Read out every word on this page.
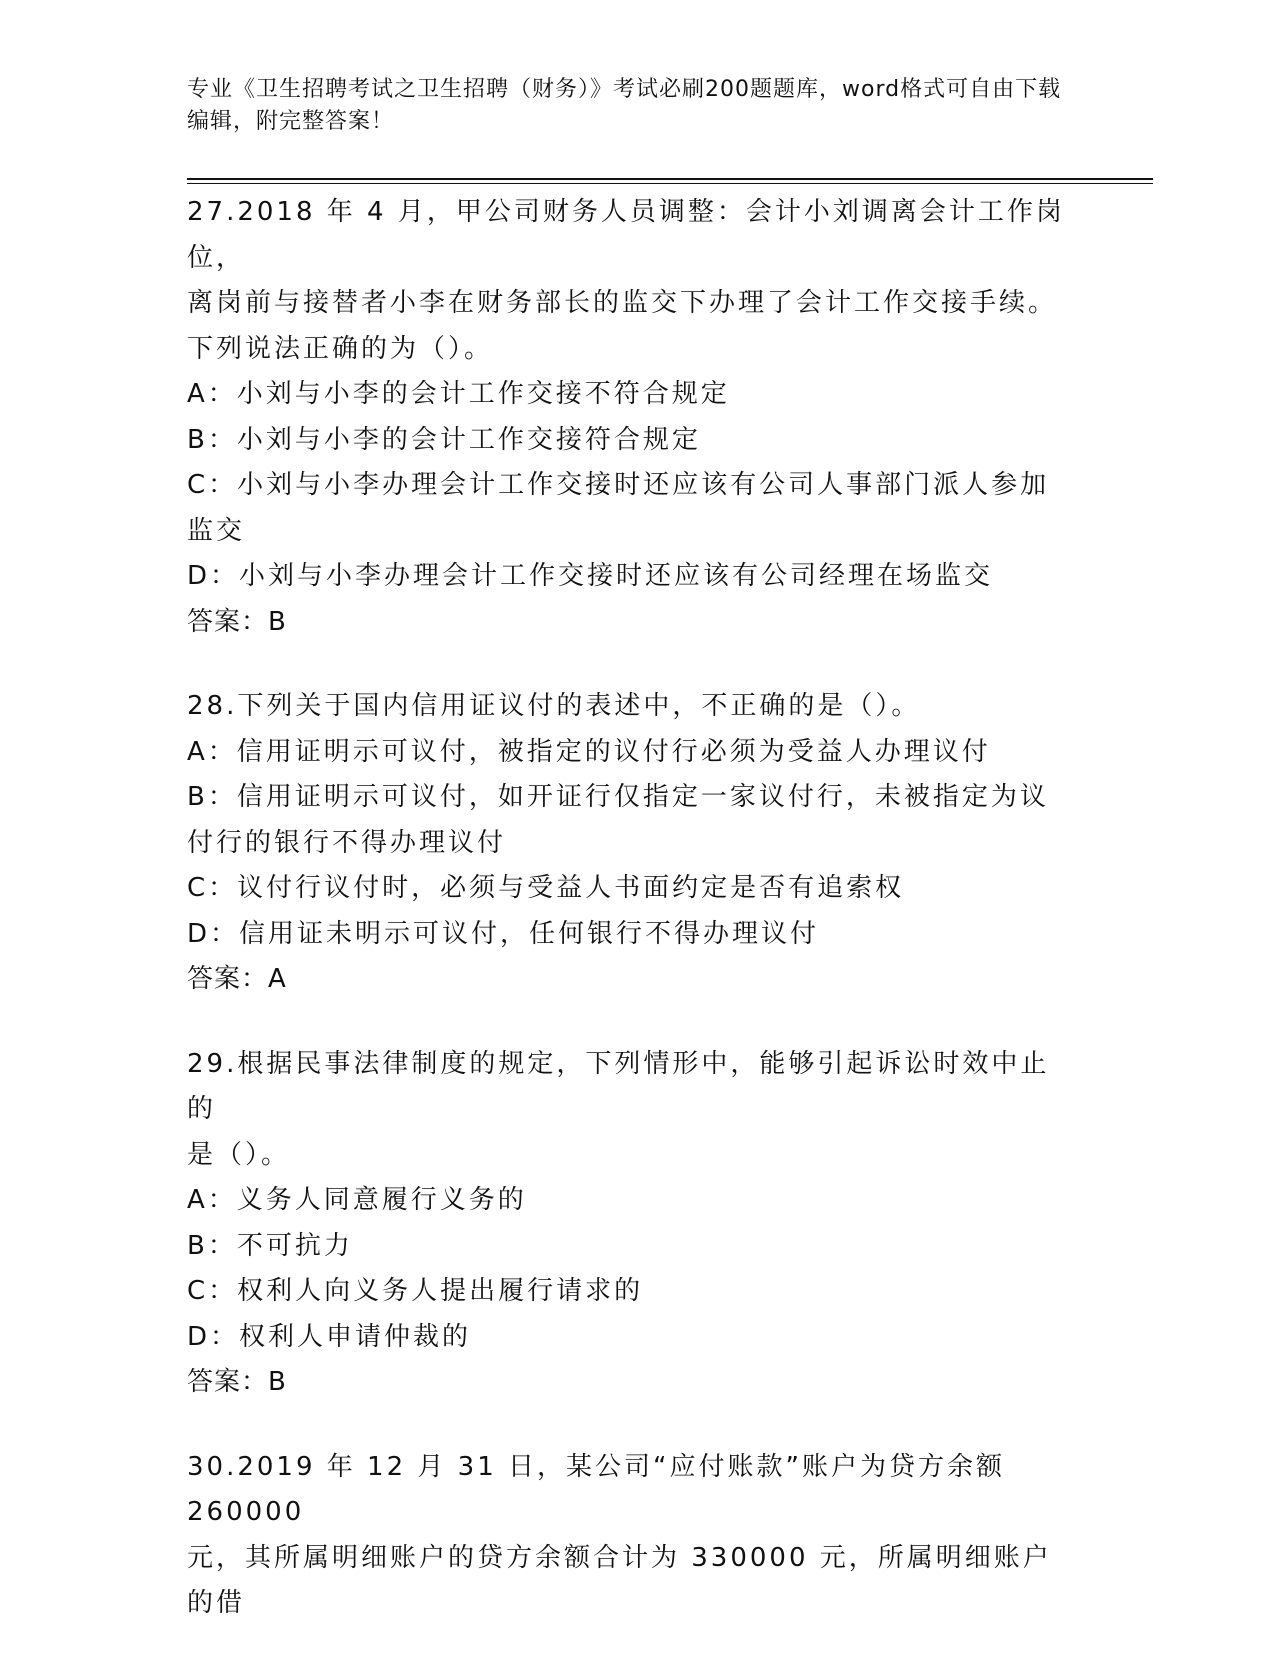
专业《卫生招聘考试之卫生招聘（财务）》考试必刷200题题库，word格式可自由下载编辑，附完整答案！
27.2018 年 4 月，甲公司财务人员调整：会计小刘调离会计工作岗位，
离岗前与接替者小李在财务部长的监交下办理了会计工作交接手续。
下列说法正确的为（）。
A：小刘与小李的会计工作交接不符合规定
B：小刘与小李的会计工作交接符合规定
C：小刘与小李办理会计工作交接时还应该有公司人事部门派人参加监交
D：小刘与小李办理会计工作交接时还应该有公司经理在场监交
答案：B
28.下列关于国内信用证议付的表述中，不正确的是（）。
A：信用证明示可议付，被指定的议付行必须为受益人办理议付
B：信用证明示可议付，如开证行仅指定一家议付行，未被指定为议付行的银行不得办理议付
C：议付行议付时，必须与受益人书面约定是否有追索权
D：信用证未明示可议付，任何银行不得办理议付
答案：A
29.根据民事法律制度的规定，下列情形中，能够引起诉讼时效中止的
是（）。
A：义务人同意履行义务的
B：不可抗力
C：权利人向义务人提出履行请求的
D：权利人申请仲裁的
答案：B
30.2019 年 12 月 31 日，某公司“应付账款”账户为贷方余额 260000
元，其所属明细账户的贷方余额合计为 330000 元，所属明细账户的借
